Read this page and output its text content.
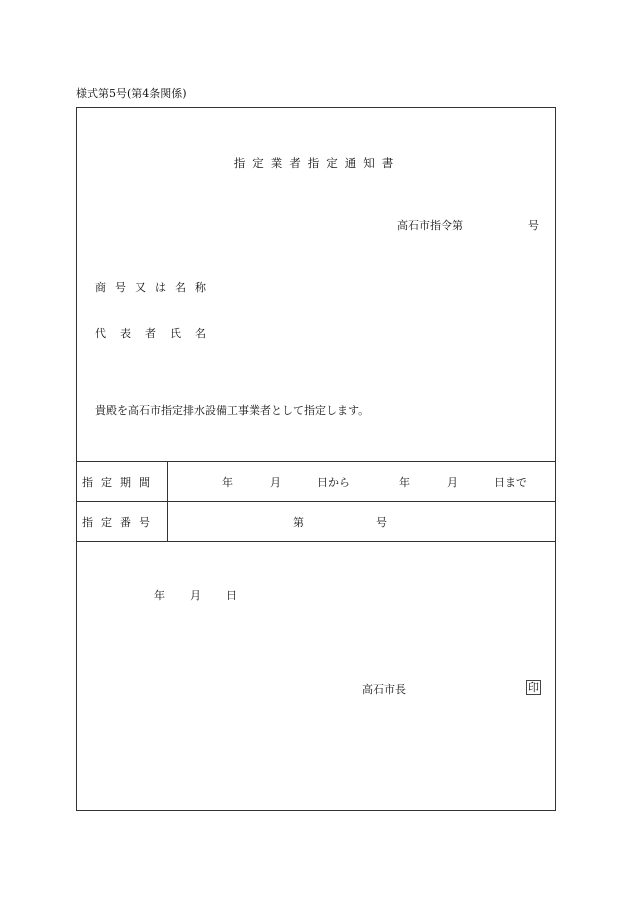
様式第5号(第4条関係)
指定業者指定通知書
高石市指令第	号
商号又は名称
代表者氏名
貴殿を高石市指定排水設備工事業者として指定します。
指定期間	年	月	日から	年	月	日まで
指定番号	第	号
年 月 日
高石市長	印
